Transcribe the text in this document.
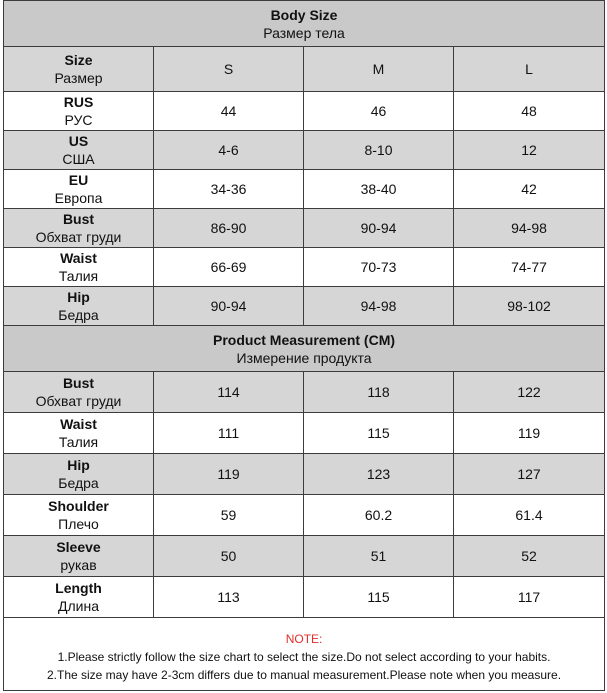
Body Size
Размер тела			

Size
Размер	S	M	L

RUS
РУС	44	46	48

US
США	4-6	8-10	12

EU
Европа	34-36	38-40	42

Bust
Обхват груди	86-90	90-94	94-98

Waist
Талия	66-69	70-73	74-77

Hip
Бедра	90-94	94-98	98-102

Product Measurement (CM)
Измерение продукта			

Bust
Обхват груди	114	118	122

Waist
Талия	111	115	119

Hip
Бедра	119	123	127

Shoulder
Плечо	59	60.2	61.4

Sleeve
рукав	50	51	52

Length
Длина	113	115	117

NOTE:
1.Please strictly follow the size chart to select the size.Do not select according to your habits.
2.The size may have 2-3cm differs due to manual measurement.Please note when you measure.			
